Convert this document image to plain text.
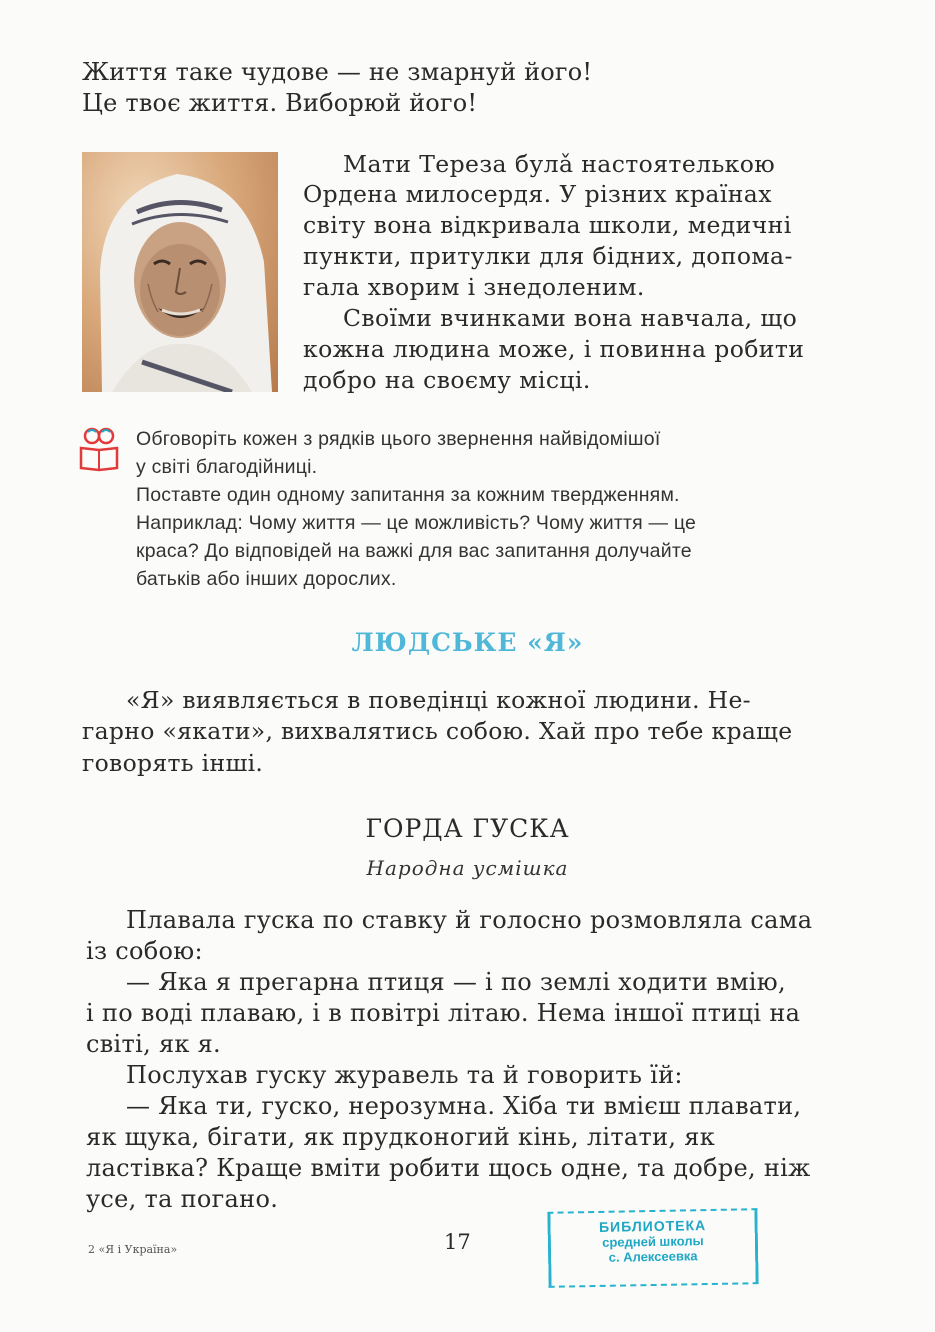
Життя таке чудове — не змарнуй його!
Це твоє життя. Виборюй його!
Мати Тереза була̌ настоятелькою
Ордена милосердя. У різних країнах
світу вона відкривала школи, медичні
пункти, притулки для бідних, допома-
гала хворим і знедоленим.
Своїми вчинками вона навчала, що
кожна людина може, і повинна робити
добро на своєму місці.
Обговоріть кожен з рядків цього звернення найвідомішої
у світі благодійниці.
Поставте один одному запитання за кожним твердженням.
Наприклад: Чому життя — це можливість? Чому життя — це
краса? До відповідей на важкі для вас запитання долучайте
батьків або інших дорослих.
ЛЮДСЬКЕ «Я»
«Я» виявляється в поведінці кожної людини. Не-
гарно «якати», вихвалятись собою. Хай про тебе краще
говорять інші.
ГОРДА ГУСКА
Народна усмішка
Плавала гуска по ставку й голосно розмовляла сама
із собою:
— Яка я прегарна птиця — і по землі ходити вмію,
і по воді плаваю, і в повітрі літаю. Нема іншої птиці на
світі, як я.
Послухав гуску журавель та й говорить їй:
— Яка ти, гуско, нерозумна. Хіба ти вмієш плавати,
як щука, бігати, як прудконогий кінь, літати, як
ластівка? Краще вміти робити щось одне, та добре, ніж
усе, та погано.
2 «Я і Україна»	17
БИБЛИОТЕКА
средней школы
с. Алексеевка
